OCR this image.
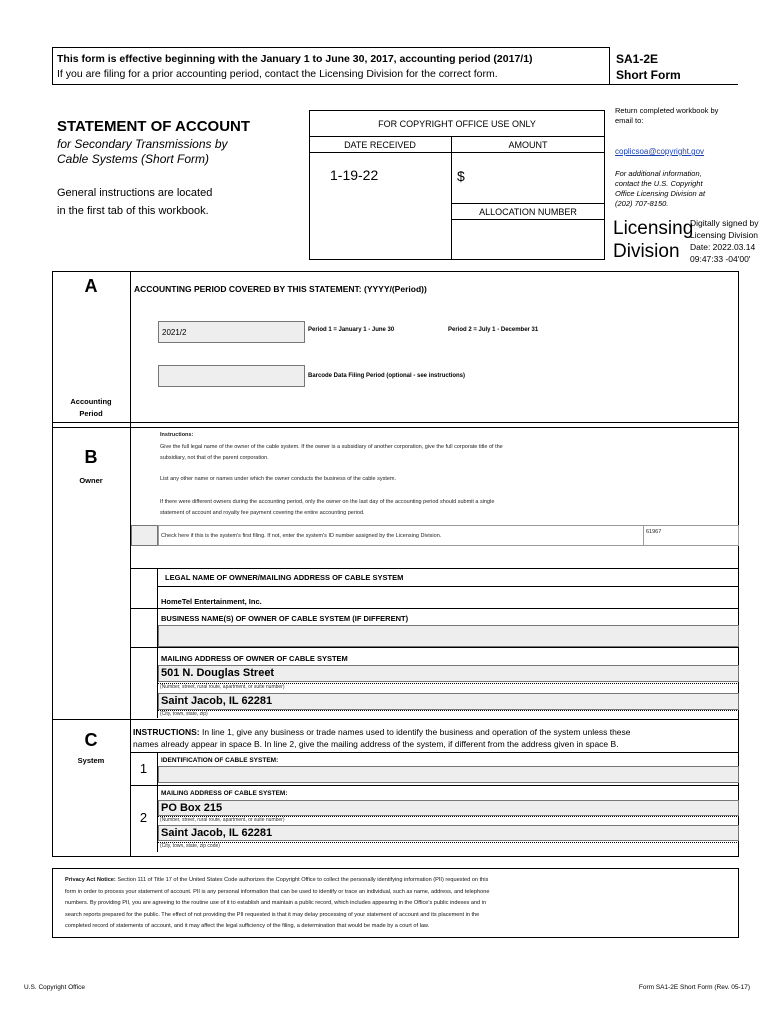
This form is effective beginning with the January 1 to June 30, 2017, accounting period (2017/1)
If you are filing for a prior accounting period, contact the Licensing Division for the correct form.
SA1-2E
Short Form
STATEMENT OF ACCOUNT
for Secondary Transmissions by
Cable Systems (Short Form)
General instructions are located
in the first tab of this workbook.
FOR COPYRIGHT OFFICE USE ONLY
DATE RECEIVED	AMOUNT
1-19-22	$
ALLOCATION NUMBER
Return completed workbook by
email to:
coplicsoa@copyright.gov
For additional information,
contact the U.S. Copyright
Office Licensing Division at
(202) 707-8150.
Licensing
Division
Digitally signed by
Licensing Division
Date: 2022.03.14
09:47:33 -04'00'
A
Accounting
Period
ACCOUNTING PERIOD COVERED BY THIS STATEMENT: (YYYY/(Period))
2021/2	Period 1 = January 1 - June 30	Period 2 = July 1 - December 31
Barcode Data Filing Period (optional - see instructions)
B
Owner
Instructions:
Give the full legal name of the owner of the cable system. If the owner is a subsidiary of another corporation, give the full corporate title of the
subsidiary, not that of the parent corporation.
List any other name or names under which the owner conducts the business of the cable system.
If there were different owners during the accounting period, only the owner on the last day of the accounting period should submit a single
statement of account and royalty fee payment covering the entire accounting period.
Check here if this is the system's first filing. If not, enter the system's ID number assigned by the Licensing Division.
61967
LEGAL NAME OF OWNER/MAILING ADDRESS OF CABLE SYSTEM
HomeTel Entertainment, Inc.
BUSINESS NAME(S) OF OWNER OF CABLE SYSTEM (IF DIFFERENT)
MAILING ADDRESS OF OWNER OF CABLE SYSTEM
501 N. Douglas Street
(Number, street, rural route, apartment, or suite number)
Saint Jacob, IL 62281
(City, town, state, zip)
C
System
INSTRUCTIONS: In line 1, give any business or trade names used to identify the business and operation of the system unless these
names already appear in space B. In line 2, give the mailing address of the system, if different from the address given in space B.
1
IDENTIFICATION OF CABLE SYSTEM:
2
MAILING ADDRESS OF CABLE SYSTEM:
PO Box 215
(Number, street, rural route, apartment, or suite number)
Saint Jacob, IL 62281
(City, town, state, zip code)
Privacy Act Notice: Section 111 of Title 17 of the United States Code authorizes the Copyright Office to collect the personally identifying information (PII) requested on this
form in order to process your statement of account. PII is any personal information that can be used to identify or trace an individual, such as name, address, and telephone
numbers. By providing PII, you are agreeing to the routine use of it to establish and maintain a public record, which includes appearing in the Office's public indexes and in
search reports prepared for the public. The effect of not providing the PII requested is that it may delay processing of your statement of account and its placement in the
completed record of statements of account, and it may affect the legal sufficiency of the filing, a determination that would be made by a court of law.
U.S. Copyright Office	Form SA1-2E Short Form (Rev. 05-17)
